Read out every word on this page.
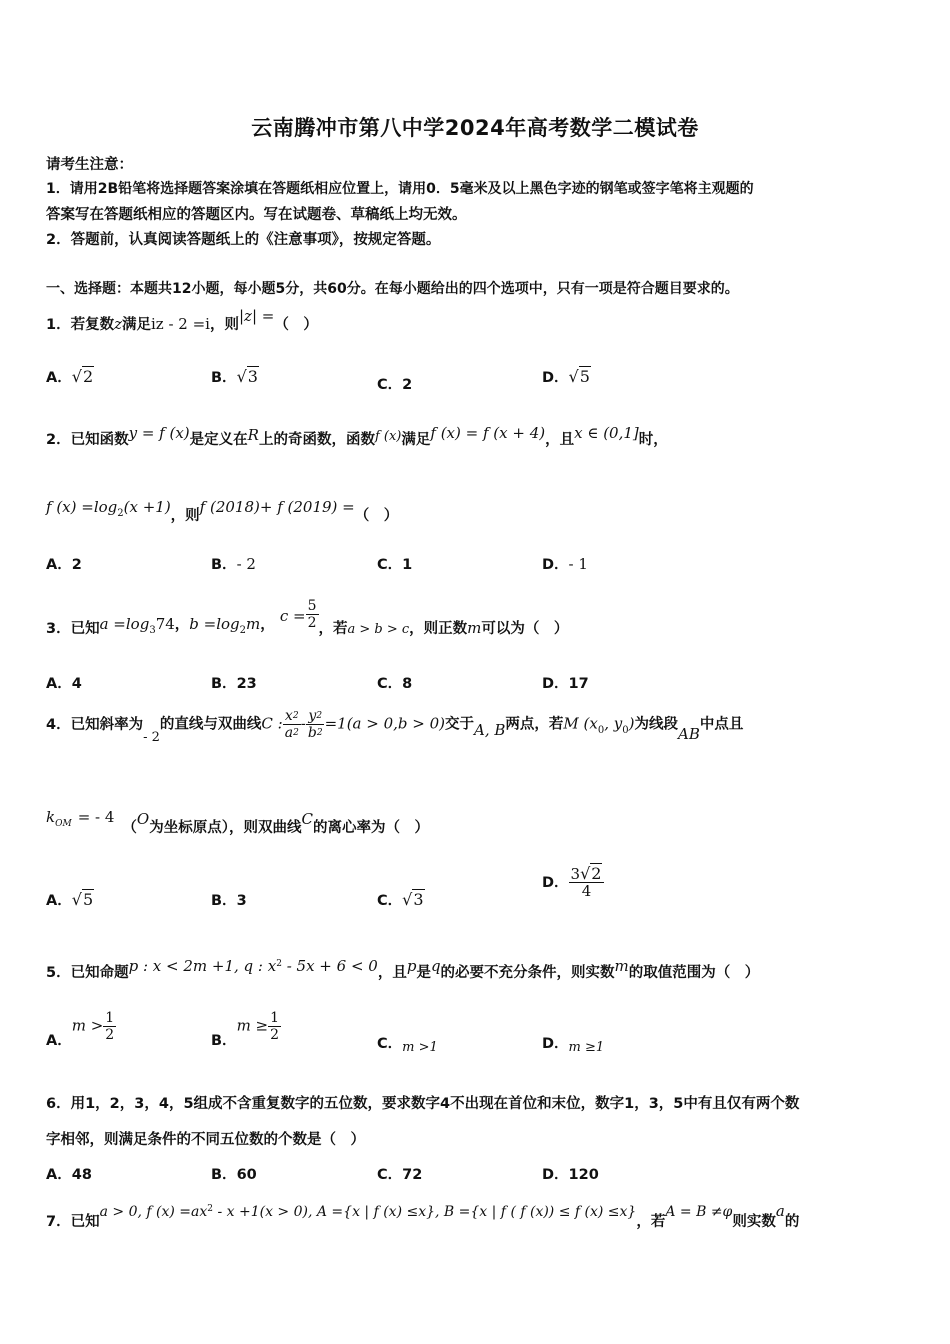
云南腾冲市第八中学2024年高考数学二模试卷
请考生注意：
1．请用2B铅笔将选择题答案涂填在答题纸相应位置上，请用0．5毫米及以上黑色字迹的钢笔或签字笔将主观题的
答案写在答题纸相应的答题区内。写在试题卷、草稿纸上均无效。
2．答题前，认真阅读答题纸上的《注意事项》，按规定答题。
一、选择题：本题共12小题，每小题5分，共60分。在每小题给出的四个选项中，只有一项是符合题目要求的。
1．若复数z满足iz - 2 =i，则|z| =（　）
A．√2	B．√3	C．2	D．√5
2．已知函数y = f (x)是定义在R上的奇函数，函数f (x)满足f (x) = f (x + 4)，且x ∈ (0,1]时，
f $(x) =\log_2(x +1)$，则f (2018)+ f (2019) =（　）
A．2	B．- 2	C．1	D．- 1
3．已知$a =\log_374$，$b =\log_2m$， $c = \frac{5}{2}$ ，若a > b > c，则正数m可以为（　）
A．4	B．23	C．8	D．17
4．已知斜率为- 2的直线与双曲线C : $\frac{x^2}{a^2} - \frac{y^2}{b^2} =1(a > 0,b > 0)$交于A, B两点，若M ($x_0$, $y_0$)为线段AB中点且
$k_{OM}$ = - 4（O为坐标原点），则双曲线C的离心率为（　）
A．√5	B．3	C．√3
D． $\frac{3√2}{4}$
5．已知命题p : x < 2m +1, q : $x^2 - 5x + 6 < 0$，且p是q的必要不充分条件，则实数m的取值范围为（　）
A．$m > \frac{1}{2}$	B．$m \ge \frac{1}{2}$
C．m >1	D．m ≥1
6．用1，2，3，4，5组成不含重复数字的五位数，要求数字4不出现在首位和末位，数字1，3，5中有且仅有两个数
字相邻，则满足条件的不同五位数的个数是（　）
A．48	B．60	C．72	D．120
7．已知a > 0, f $(x) =ax^2 - x +1(x > 0)$, A ={x | f (x) ≤x}, B ={x | f ( f (x)) ≤ f (x) ≤x}，若A = B ≠φ则实数a的
